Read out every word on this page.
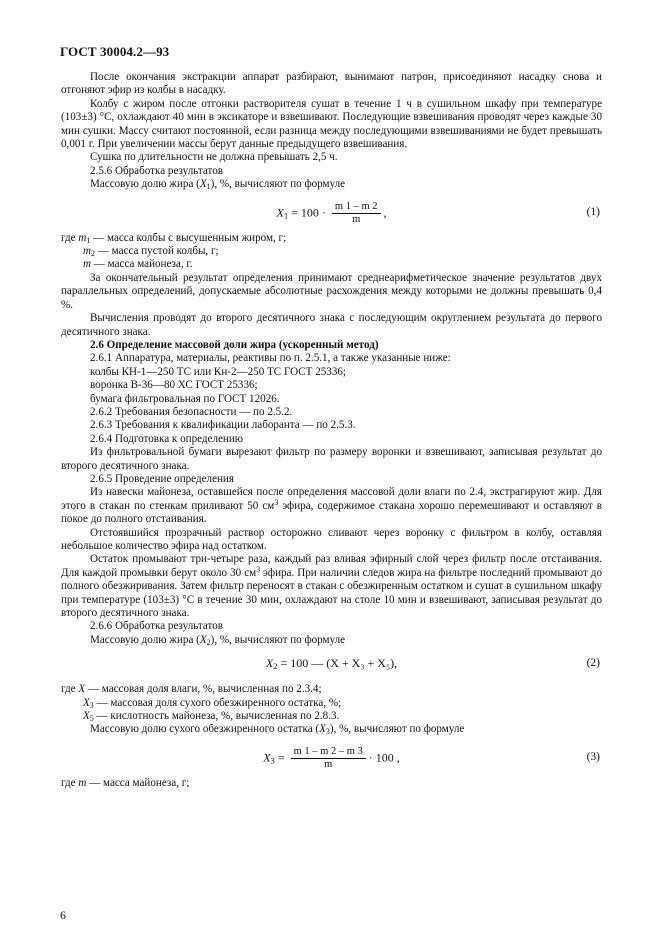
ГОСТ 30004.2—93

После окончания экстракции аппарат разбирают, вынимают патрон, присоединяют насадку снова и отгоняют эфир из колбы в насадку.

Колбу с жиром после отгонки растворителя сушат в течение 1 ч в сушильном шкафу при температуре (103±3) °С, охлаждают 40 мин в эксикаторе и взвешивают. Последующие взвешивания проводят через каждые 30 мин сушки. Массу считают постоянной, если разница между последующими взвешиваниями не будет превышать 0,001 г. При увеличении массы берут данные предыдущего взвешивания.

Сушка по длительности не должна превышать 2,5 ч.

2.5.6 Обработка результатов

Массовую долю жира $(X_1)$, %, вычисляют по формуле

$X_1 = 100 \cdot \frac{m 1 - m 2}{m}$ ,	(1)

где $m_1$ — масса колбы с высушенным жиром, г;

$m_2$ — масса пустой колбы, г;

m — масса майонеза, г.

За окончательный результат определения принимают среднеарифметическое значение результатов двух параллельных определений, допускаемые абсолютные расхождения между которыми не должны превышать 0,4 %.

Вычисления проводят до второго десятичного знака с последующим округлением результата до первого десятичного знака.

2.6 Определение массовой доли жира (ускоренный метод)

2.6.1 Аппаратура, материалы, реактивы по п. 2.5.1, а также указанные ниже:

колбы КН-1—250 ТС или Кн-2—250 ТС ГОСТ 25336;

воронка В-36—80 ХС ГОСТ 25336;

бумага фильтровальная по ГОСТ 12026.

2.6.2 Требования безопасности — по 2.5.2.

2.6.3 Требования к квалификации лаборанта — по 2.5.3.

2.6.4 Подготовка к определению

Из фильтровальной бумаги вырезают фильтр по размеру воронки и взвешивают, записывая результат до второго десятичного знака.

2.6.5 Проведение определения

Из навески майонеза, оставшейся после определения массовой доли влаги по 2.4, экстрагируют жир. Для этого в стакан по стенкам приливают 50 $см^3$ эфира, содержимое стакана хорошо перемешивают и оставляют в покое до полного отстаивания.

Отстоявшийся прозрачный раствор осторожно сливают через воронку с фильтром в колбу, оставляя небольшое количество эфира над остатком.

Остаток промывают три-четыре раза, каждый раз вливая эфирный слой через фильтр после отстаивания. Для каждой промывки берут около 30 $см^3$ эфира. При наличии следов жира на фильтре последний промывают до полного обезжиривания. Затем фильтр переносят в стакан с обезжиренным остатком и сушат в сушильном шкафу при температуре (103±3) °С в течение 30 мин, охлаждают на столе 10 мин и взвешивают, записывая результат до второго десятичного знака.

2.6.6 Обработка результатов

Массовую долю жира $(X_2)$, %, вычисляют по формуле

$X_2 = 100$ — (X + X₃ + X₅),	(2)

где X — массовая доля влаги, %, вычисленная по 2.3.4;

$X_3$ — массовая доля сухого обезжиренного остатка, %;

$X_5$ — кислотность майонеза, %, вычисленная по 2.8.3.

Массовую долю сухого обезжиренного остатка $(X_3)$, %, вычисляют по формуле

$X_3 = \frac{m 1 - m 2 - m 3}{m} \cdot 100$ ,	(3)

где m — масса майонеза, г;

6
